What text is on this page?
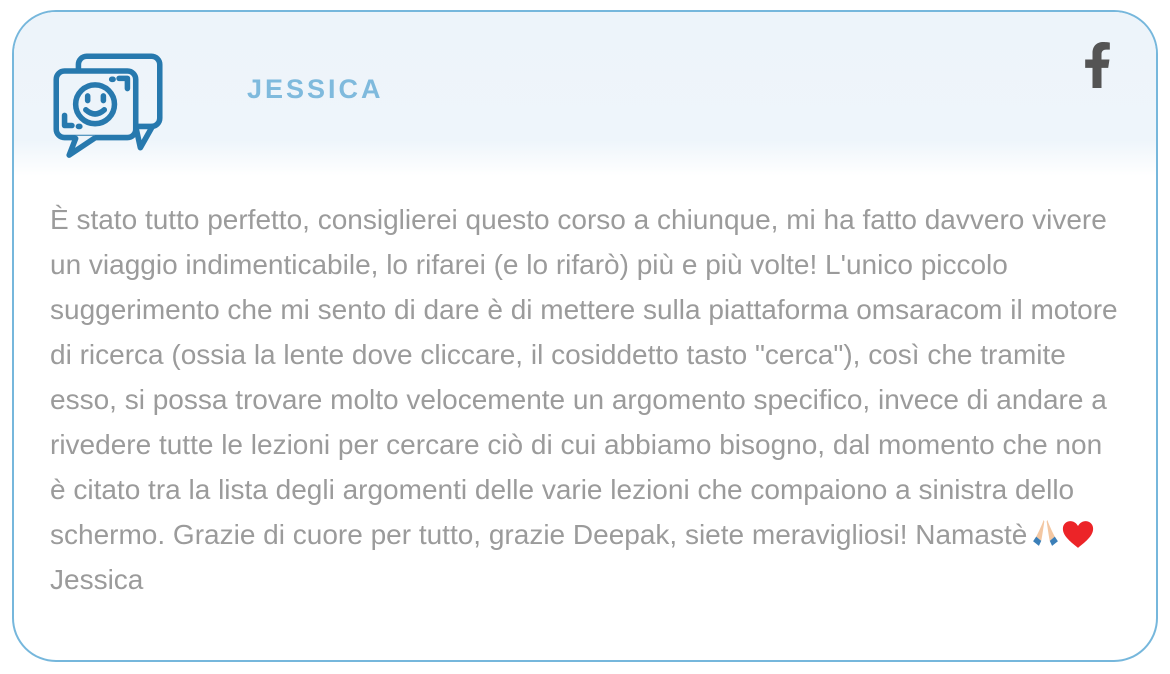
JESSICA

È stato tutto perfetto, consiglierei questo corso a chiunque, mi ha fatto davvero vivere un viaggio indimenticabile, lo rifarei (e lo rifarò) più e più volte! L'unico piccolo suggerimento che mi sento di dare è di mettere sulla piattaforma omsaracom il motore di ricerca (ossia la lente dove cliccare, il cosiddetto tasto "cerca"), così che tramite esso, si possa trovare molto velocemente un argomento specifico, invece di andare a rivedere tutte le lezioni per cercare ciò di cui abbiamo bisogno, dal momento che non è citato tra la lista degli argomenti delle varie lezioni che compaiono a sinistra dello schermo. Grazie di cuore per tutto, grazie Deepak, siete meravigliosi! Namastè

Jessica
